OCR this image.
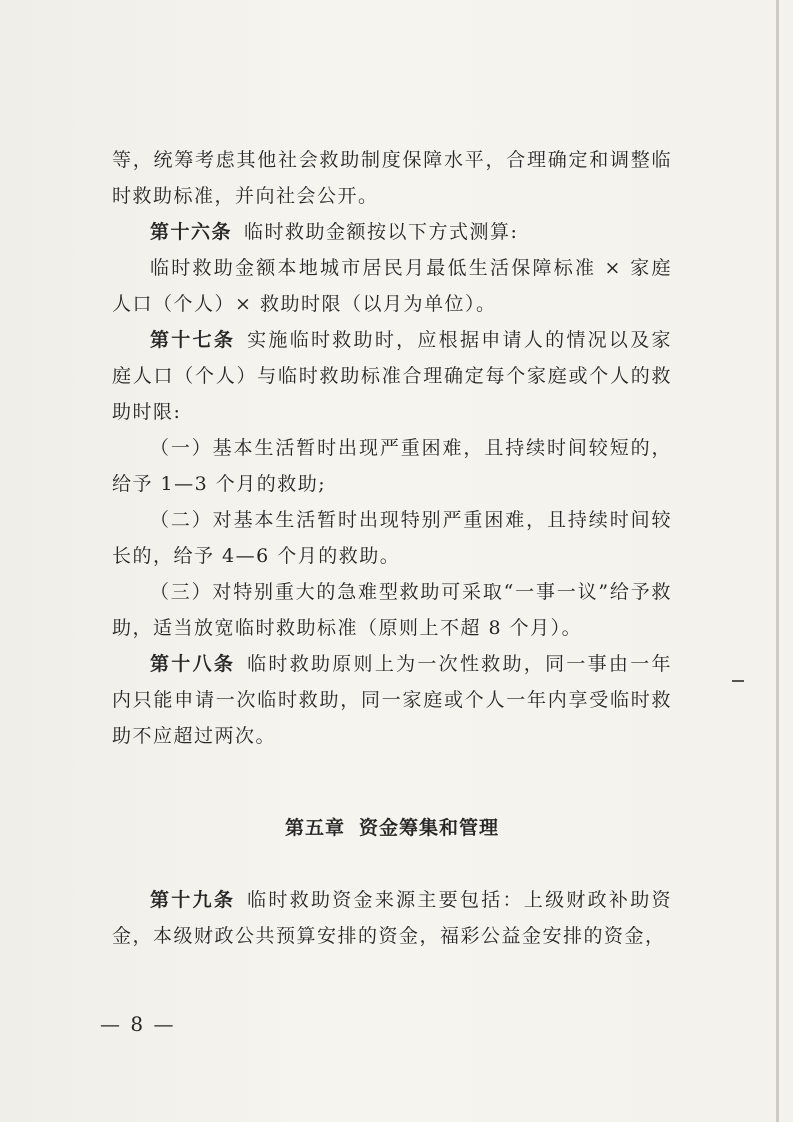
等，统筹考虑其他社会救助制度保障水平，合理确定和调整临时救助标准，并向社会公开。

第十六条 临时救助金额按以下方式测算:

临时救助金额本地城市居民月最低生活保障标准 × 家庭人口（个人）× 救助时限（以月为单位）。

第十七条 实施临时救助时，应根据申请人的情况以及家庭人口（个人）与临时救助标准合理确定每个家庭或个人的救助时限:

（一）基本生活暂时出现严重困难，且持续时间较短的，给予 1—3 个月的救助;

（二）对基本生活暂时出现特别严重困难，且持续时间较长的，给予 4—6 个月的救助。

（三）对特别重大的急难型救助可采取“一事一议”给予救助，适当放宽临时救助标准（原则上不超 8 个月）。

第十八条 临时救助原则上为一次性救助，同一事由一年内只能申请一次临时救助，同一家庭或个人一年内享受临时救助不应超过两次。

第五章 资金筹集和管理

第十九条 临时救助资金来源主要包括：上级财政补助资金，本级财政公共预算安排的资金，福彩公益金安排的资金，

— 8 —
